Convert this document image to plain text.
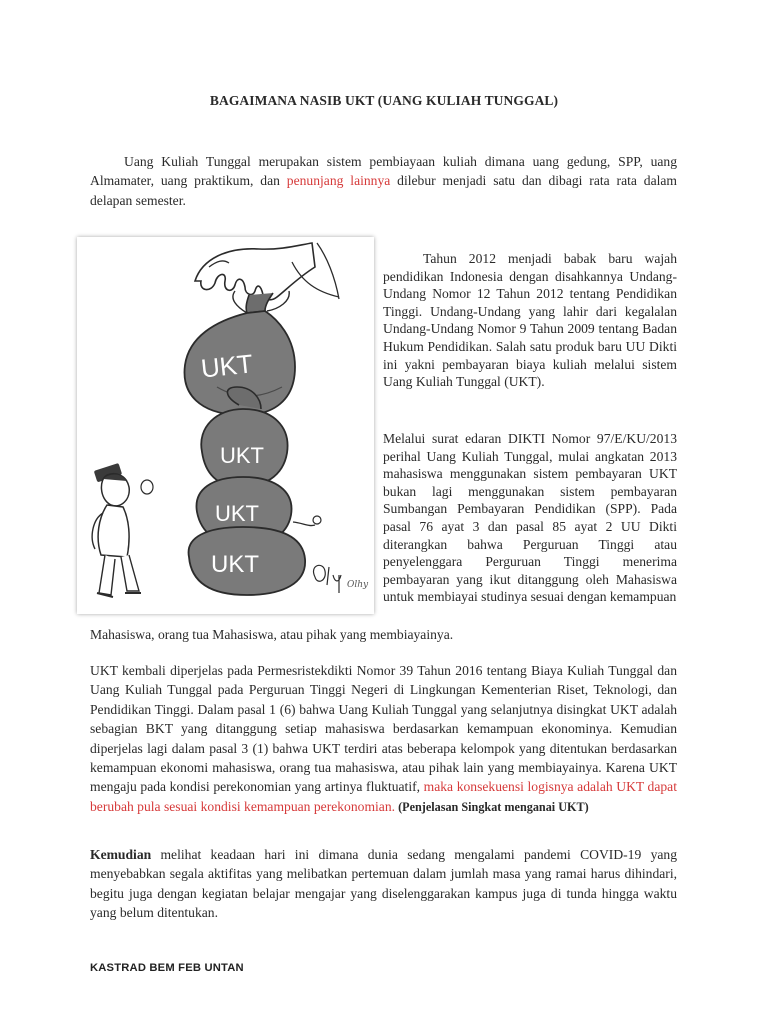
BAGAIMANA NASIB UKT (UANG KULIAH TUNGGAL)

Uang Kuliah Tunggal merupakan sistem pembiayaan kuliah dimana uang gedung, SPP, uang Almamater, uang praktikum, dan penunjang lainnya dilebur menjadi satu dan dibagi rata rata dalam delapan semester.

UKT
UKT
UKT
UKT
Olhy

Tahun 2012 menjadi babak baru wajah pendidikan Indonesia dengan disahkannya Undang-Undang Nomor 12 Tahun 2012 tentang Pendidikan Tinggi. Undang-Undang yang lahir dari kegalalan Undang-Undang Nomor 9 Tahun 2009 tentang Badan Hukum Pendidikan. Salah satu produk baru UU Dikti ini yakni pembayaran biaya kuliah melalui sistem Uang Kuliah Tunggal (UKT).

Melalui surat edaran DIKTI Nomor 97/E/KU/2013 perihal Uang Kuliah Tunggal, mulai angkatan 2013 mahasiswa menggunakan sistem pembayaran UKT bukan lagi menggunakan sistem pembayaran Sumbangan Pembayaran Pendidikan (SPP). Pada pasal 76 ayat 3 dan pasal 85 ayat 2 UU Dikti diterangkan bahwa Perguruan Tinggi atau penyelenggara Perguruan Tinggi menerima pembayaran yang ikut ditanggung oleh Mahasiswa untuk membiayai studinya sesuai dengan kemampuan

Mahasiswa, orang tua Mahasiswa, atau pihak yang membiayainya.

UKT kembali diperjelas pada Permesristekdikti Nomor 39 Tahun 2016 tentang Biaya Kuliah Tunggal dan Uang Kuliah Tunggal pada Perguruan Tinggi Negeri di Lingkungan Kementerian Riset, Teknologi, dan Pendidikan Tinggi. Dalam pasal 1 (6) bahwa Uang Kuliah Tunggal yang selanjutnya disingkat UKT adalah sebagian BKT yang ditanggung setiap mahasiswa berdasarkan kemampuan ekonominya. Kemudian diperjelas lagi dalam pasal 3 (1) bahwa UKT terdiri atas beberapa kelompok yang ditentukan berdasarkan kemampuan ekonomi mahasiswa, orang tua mahasiswa, atau pihak lain yang membiayainya. Karena UKT mengaju pada kondisi perekonomian yang artinya fluktuatif, maka konsekuensi logisnya adalah UKT dapat berubah pula sesuai kondisi kemampuan perekonomian. (Penjelasan Singkat menganai UKT)

Kemudian melihat keadaan hari ini dimana dunia sedang mengalami pandemi COVID-19 yang menyebabkan segala aktifitas yang melibatkan pertemuan dalam jumlah masa yang ramai harus dihindari, begitu juga dengan kegiatan belajar mengajar yang diselenggarakan kampus juga di tunda hingga waktu yang belum ditentukan.

KASTRAD BEM FEB UNTAN
